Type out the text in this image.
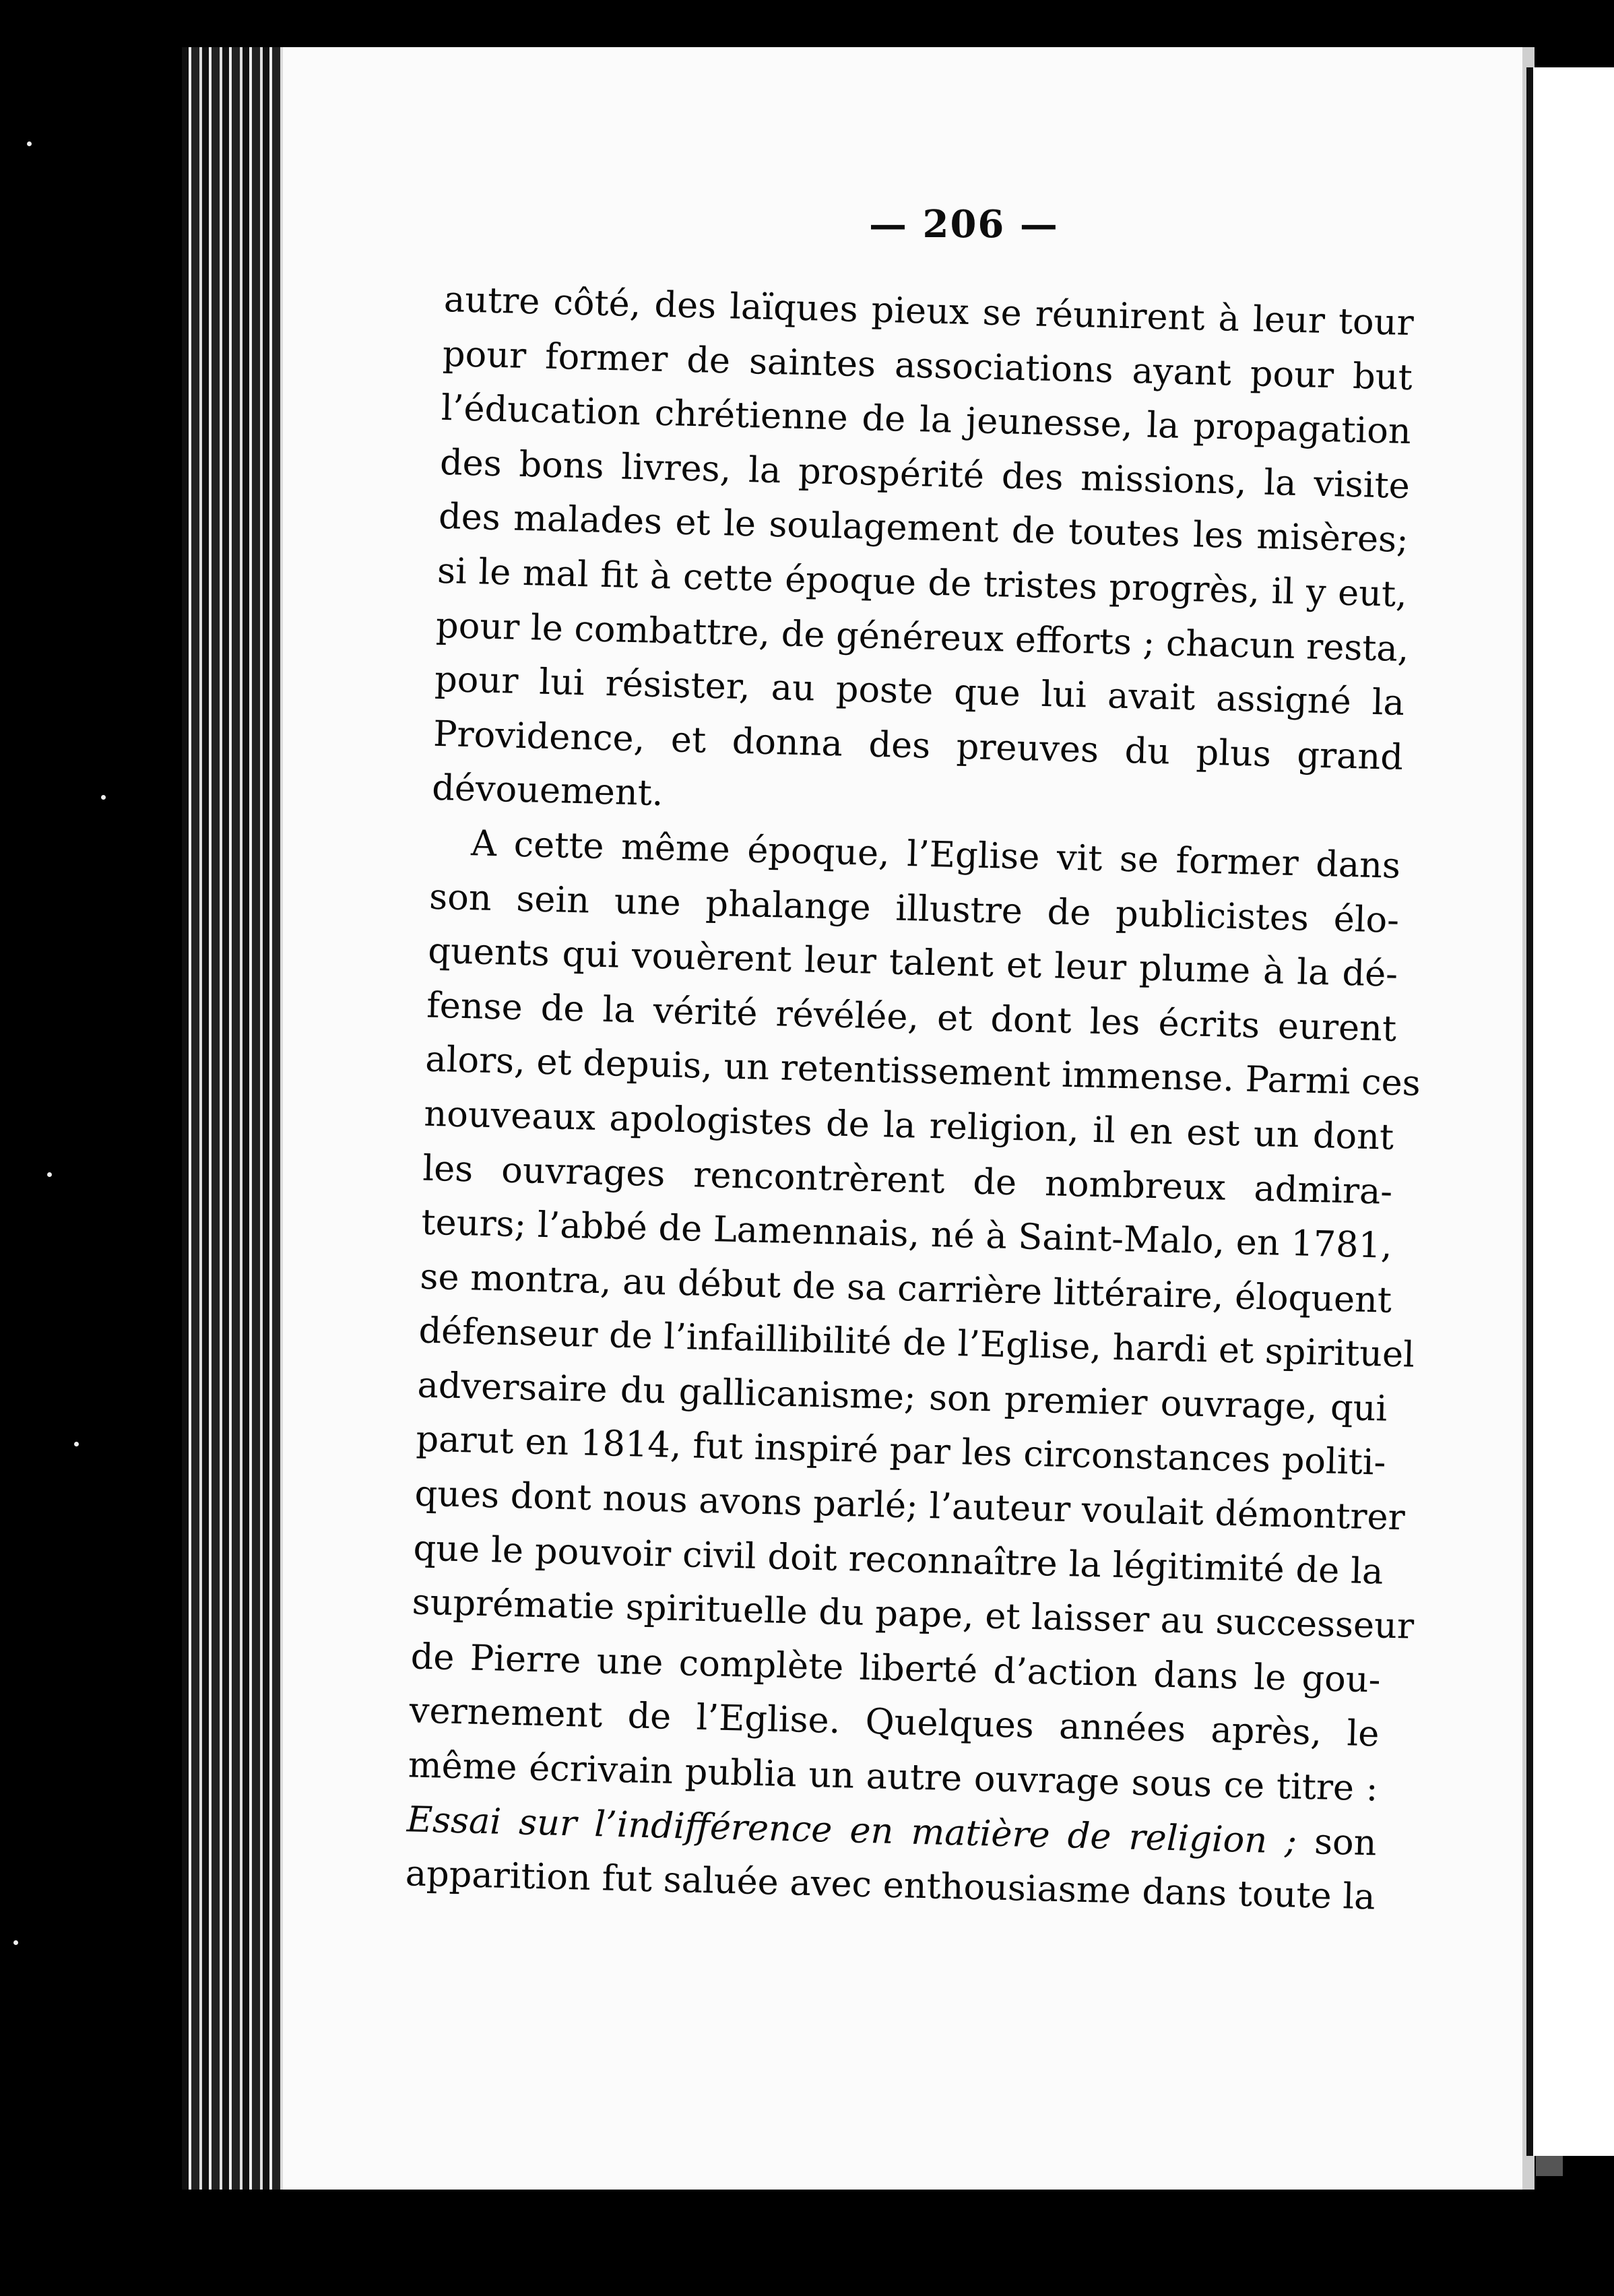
— 206 —
autre côté, des laïques pieux se réunirent à leur tour
pour former de saintes associations ayant pour but
l’éducation chrétienne de la jeunesse, la propagation
des bons livres, la prospérité des missions, la visite
des malades et le soulagement de toutes les misères;
si le mal fit à cette époque de tristes progrès, il y eut,
pour le combattre, de généreux efforts ; chacun resta,
pour lui résister, au poste que lui avait assigné la
Providence, et donna des preuves du plus grand
dévouement.
A cette même époque, l’Eglise vit se former dans
son sein une phalange illustre de publicistes élo-
quents qui vouèrent leur talent et leur plume à la dé-
fense de la vérité révélée, et dont les écrits eurent
alors, et depuis, un retentissement immense. Parmi ces
nouveaux apologistes de la religion, il en est un dont
les ouvrages rencontrèrent de nombreux admira-
teurs; l’abbé de Lamennais, né à Saint-Malo, en 1781,
se montra, au début de sa carrière littéraire, éloquent
défenseur de l’infaillibilité de l’Eglise, hardi et spirituel
adversaire du gallicanisme; son premier ouvrage, qui
parut en 1814, fut inspiré par les circonstances politi-
ques dont nous avons parlé; l’auteur voulait démontrer
que le pouvoir civil doit reconnaître la légitimité de la
suprématie spirituelle du pape, et laisser au successeur
de Pierre une complète liberté d’action dans le gou-
vernement de l’Eglise. Quelques années après, le
même écrivain publia un autre ouvrage sous ce titre :
Essai sur l’indifférence en matière de religion ; son
apparition fut saluée avec enthousiasme dans toute la
